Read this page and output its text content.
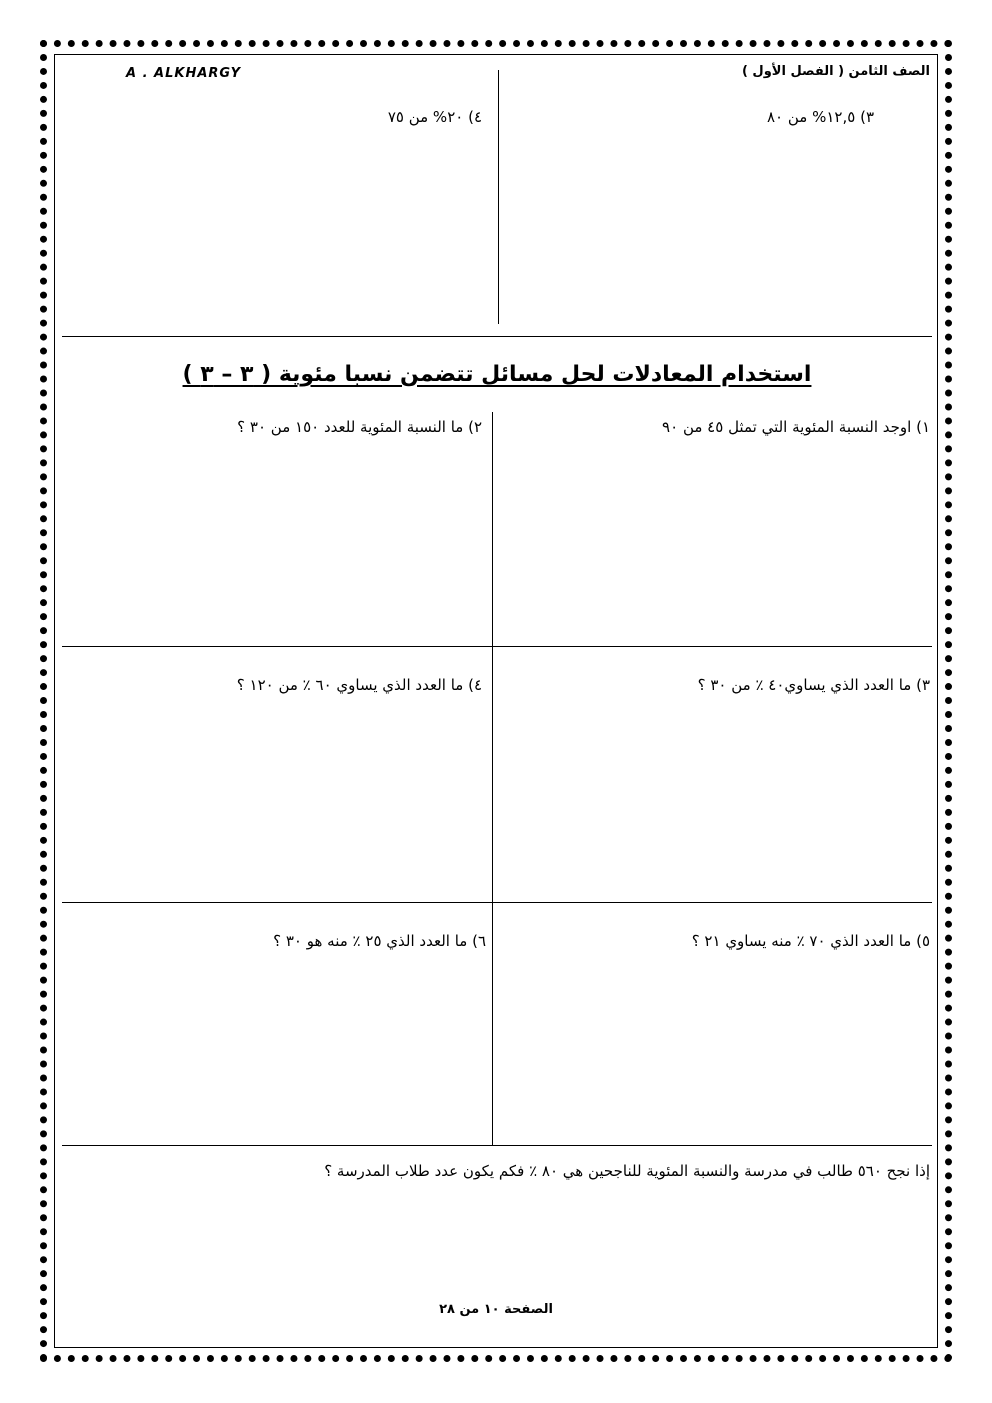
A . ALKHARGY	الصف الثامن ( الفصل الأول )
٣) ١٢,٥% من ٨٠
٤) ٢٠% من ٧٥
استخدام المعادلات لحل مسائل تتضمن نسبا مئوية ( ٣ – ٣ )
١) اوجد النسبة المئوية التي تمثل ٤٥ من ٩٠
٢) ما النسبة المئوية للعدد ١٥٠ من ٣٠ ؟
٣) ما العدد الذي يساوي٤٠ ٪ من ٣٠ ؟
٤) ما العدد الذي يساوي ٦٠ ٪ من ١٢٠ ؟
٥) ما العدد الذي ٧٠ ٪ منه يساوي ٢١ ؟
٦) ما العدد الذي ٢٥ ٪ منه هو ٣٠ ؟
إذا نجح ٥٦٠ طالب في مدرسة والنسبة المئوية للناجحين هي ٨٠ ٪ فكم يكون عدد طلاب المدرسة ؟
الصفحة ١٠ من ٢٨
